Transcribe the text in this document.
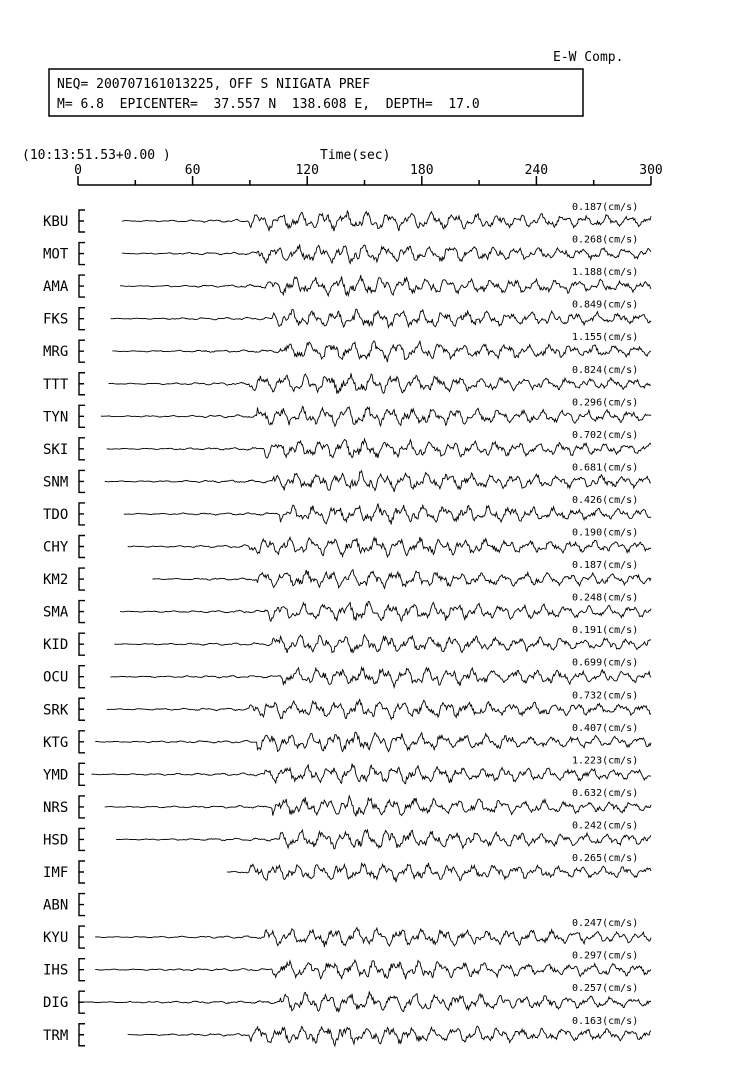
E-W Comp.
NEQ= 200707161013225, OFF S NIIGATA PREF
M= 6.8  EPICENTER=  37.557 N  138.608 E,  DEPTH=  17.0
(10:13:51.53+0.00 )	Time(sec)
0	60	120	180	240	300
KBU
0.187(cm/s)
MOT
0.268(cm/s)
AMA
1.188(cm/s)
FKS
0.849(cm/s)
MRG
1.155(cm/s)
TTT
0.824(cm/s)
TYN
0.296(cm/s)
SKI
0.702(cm/s)
SNM
0.681(cm/s)
TDO
0.426(cm/s)
CHY
0.190(cm/s)
KM2
0.187(cm/s)
SMA
0.248(cm/s)
KID
0.191(cm/s)
OCU
0.699(cm/s)
SRK
0.732(cm/s)
KTG
0.407(cm/s)
YMD
1.223(cm/s)
NRS
0.632(cm/s)
HSD
0.242(cm/s)
IMF
0.265(cm/s)
ABN
KYU
0.247(cm/s)
IHS
0.297(cm/s)
DIG
0.257(cm/s)
TRM
0.163(cm/s)
